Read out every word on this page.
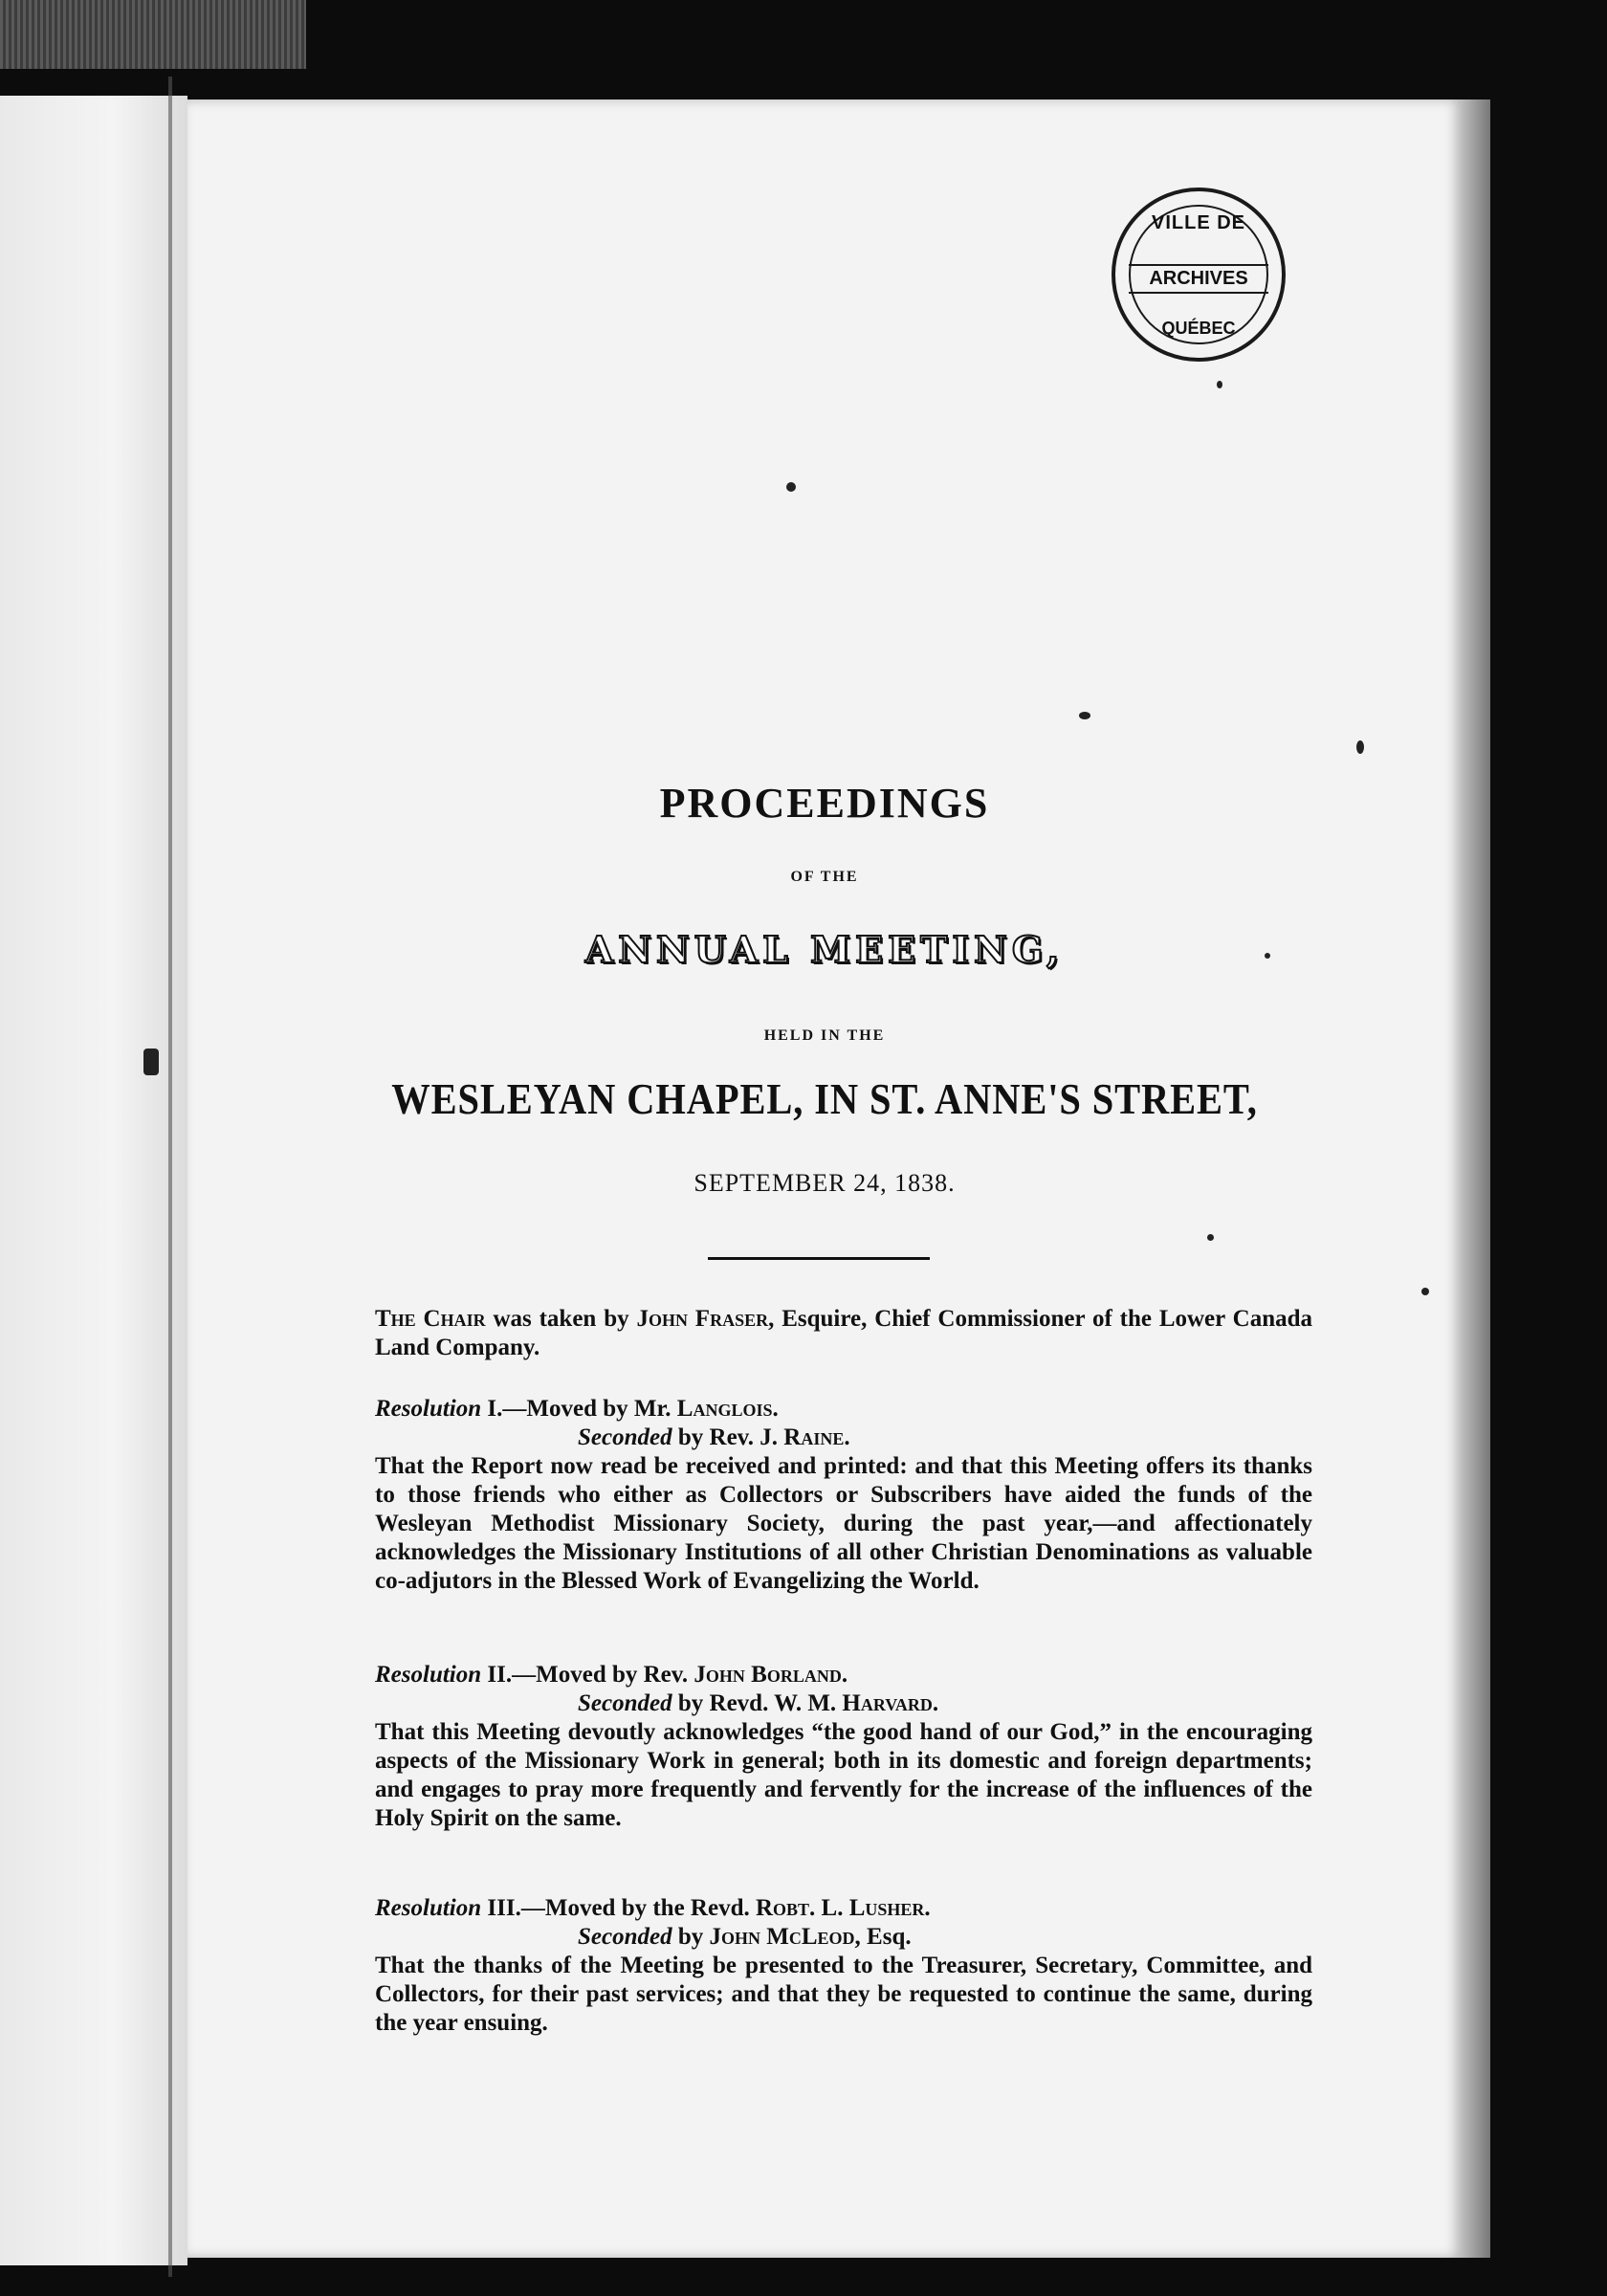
VILLE DE
ARCHIVES
QUÉBEC
PROCEEDINGS
OF THE
ANNUAL MEETING,
HELD IN THE
WESLEYAN CHAPEL, IN ST. ANNE'S STREET,
SEPTEMBER 24, 1838.
The Chair was taken by John Fraser, Esquire, Chief Commissioner of the Lower Canada Land Company.
Resolution I.—Moved by Mr. Langlois.
Seconded by Rev. J. Raine.
That the Report now read be received and printed: and that this Meeting offers its thanks to those friends who either as Collectors or Subscribers have aided the funds of the Wesleyan Methodist Missionary Society, during the past year,—and affectionately acknowledges the Missionary Institutions of all other Christian Denominations as valuable co-adjutors in the Blessed Work of Evangelizing the World.
Resolution II.—Moved by Rev. John Borland.
Seconded by Revd. W. M. Harvard.
That this Meeting devoutly acknowledges “the good hand of our God,” in the encouraging aspects of the Missionary Work in general; both in its domestic and foreign departments; and engages to pray more frequently and fervently for the increase of the influences of the Holy Spirit on the same.
Resolution III.—Moved by the Revd. Robt. L. Lusher.
Seconded by John McLeod, Esq.
That the thanks of the Meeting be presented to the Treasurer, Secretary, Committee, and Collectors, for their past services; and that they be requested to continue the same, during the year ensuing.
